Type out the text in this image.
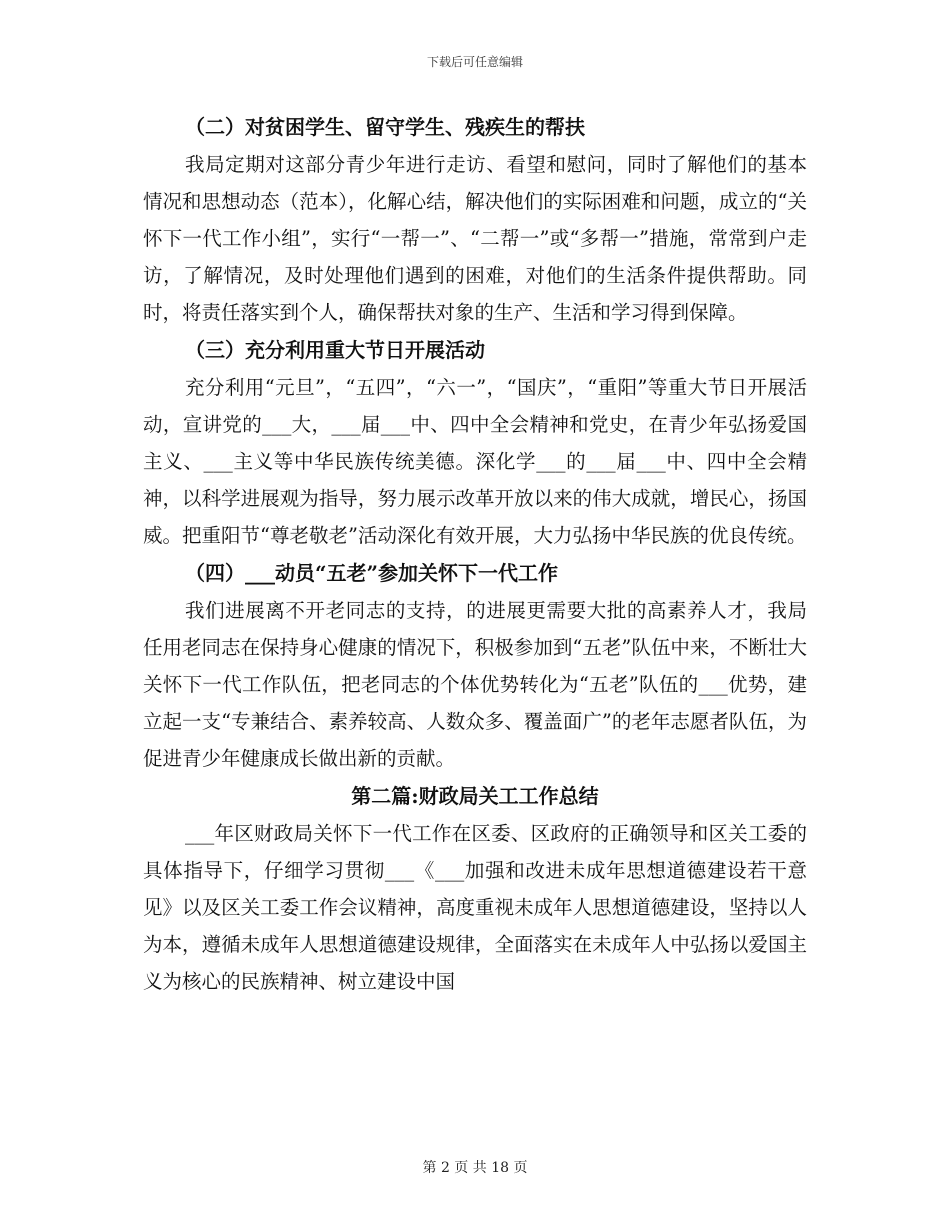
下载后可任意编辑
（二）对贫困学生、留守学生、残疾生的帮扶

我局定期对这部分青少年进行走访、看望和慰问，同时了解他们的基本情况和思想动态（范本），化解心结，解决他们的实际困难和问题，成立的“关怀下一代工作小组”，实行“一帮一”、“二帮一”或“多帮一”措施，常常到户走访，了解情况，及时处理他们遇到的困难，对他们的生活条件提供帮助。同时，将责任落实到个人，确保帮扶对象的生产、生活和学习得到保障。

（三）充分利用重大节日开展活动

充分利用“元旦”，“五四”，“六一”，“国庆”，“重阳”等重大节日开展活动，宣讲党的___大，___届___中、四中全会精神和党史，在青少年弘扬爱国主义、___主义等中华民族传统美德。深化学___的___届___中、四中全会精神，以科学进展观为指导，努力展示改革开放以来的伟大成就，增民心，扬国威。把重阳节“尊老敬老”活动深化有效开展，大力弘扬中华民族的优良传统。

（四）___动员“五老”参加关怀下一代工作

我们进展离不开老同志的支持，的进展更需要大批的高素养人才，我局任用老同志在保持身心健康的情况下，积极参加到“五老”队伍中来，不断壮大关怀下一代工作队伍，把老同志的个体优势转化为“五老”队伍的___优势，建立起一支“专兼结合、素养较高、人数众多、覆盖面广”的老年志愿者队伍，为促进青少年健康成长做出新的贡献。

第二篇:财政局关工工作总结

___年区财政局关怀下一代工作在区委、区政府的正确领导和区关工委的具体指导下，仔细学习贯彻___《___加强和改进未成年思想道德建设若干意见》以及区关工委工作会议精神，高度重视未成年人思想道德建设，坚持以人为本，遵循未成年人思想道德建设规律，全面落实在未成年人中弘扬以爱国主义为核心的民族精神、树立建设中国

第 2 页 共 18 页
